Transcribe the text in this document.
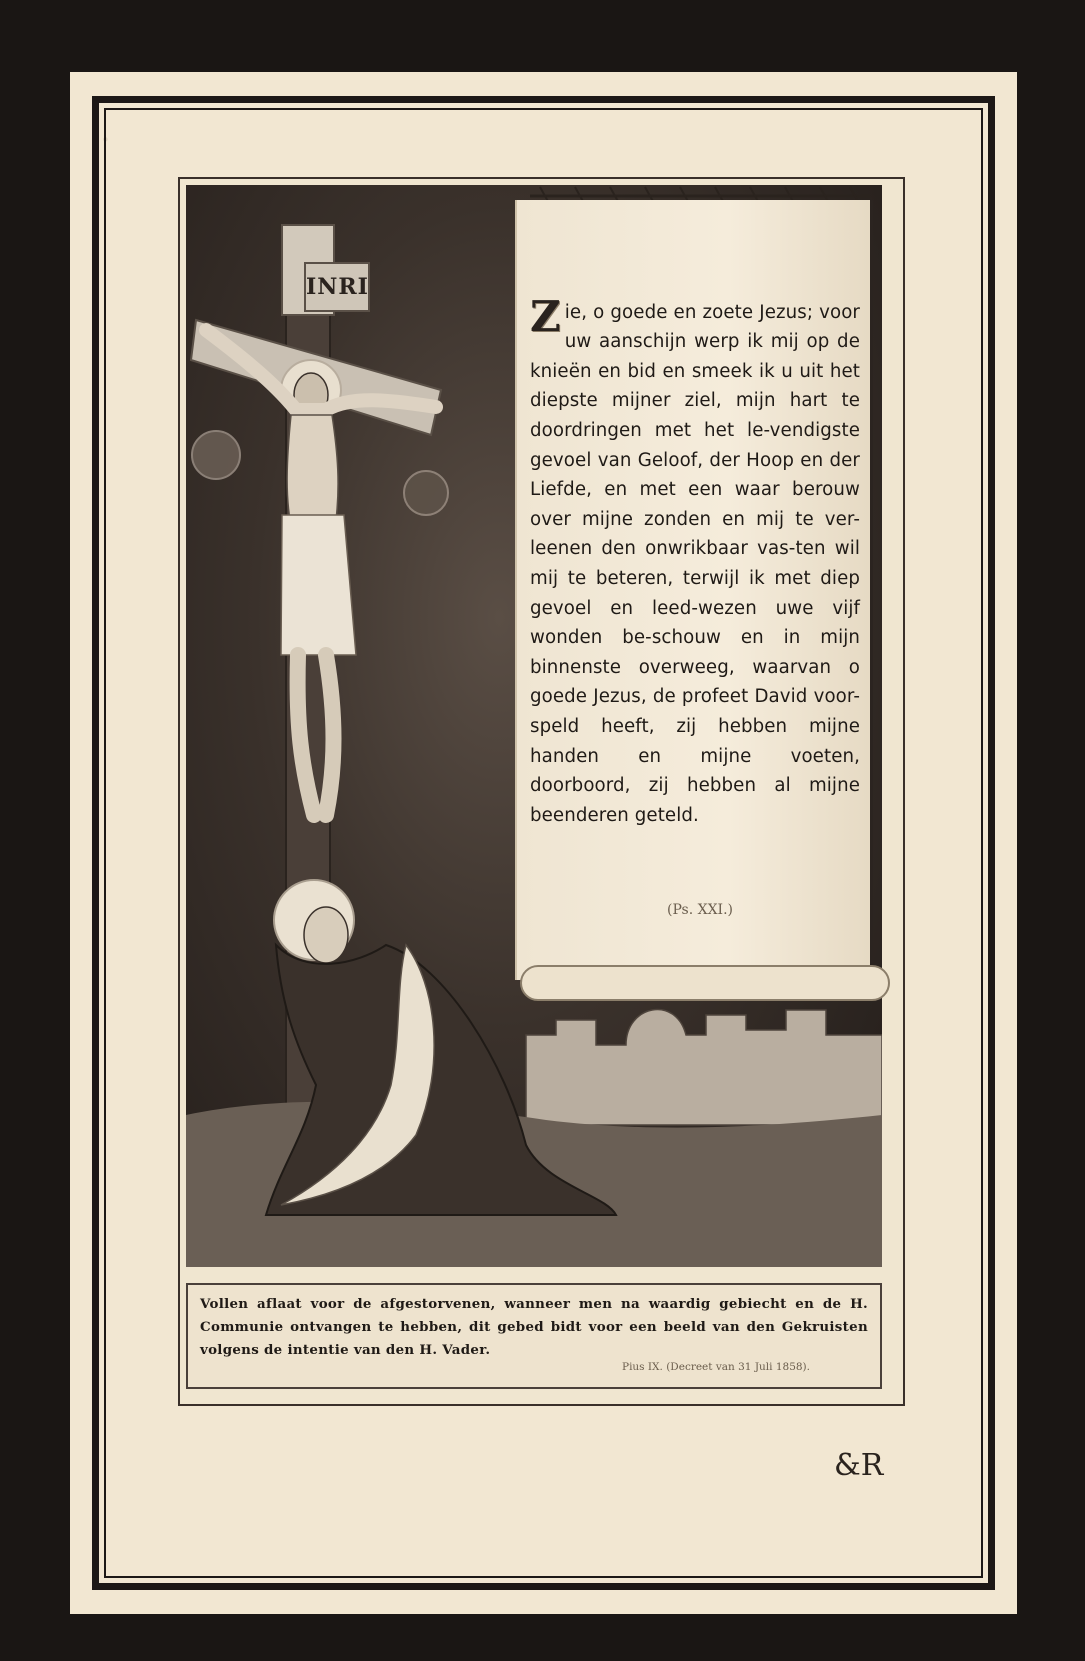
.
INRI

Zie, o goede en zoete Jezus; voor uw aanschijn werp ik mij op de knieën en bid en smeek ik u uit het diepste mijner ziel, mijn hart te doordringen met het le-vendigste gevoel van Geloof, der Hoop en der Liefde, en met een waar berouw over mijne zonden en mij te ver-leenen den onwrikbaar vas-ten wil mij te beteren, terwijl ik met diep gevoel en leed-wezen uwe vijf wonden be-schouw en in mijn binnenste overweeg, waarvan o goede Jezus, de profeet David voor-speld heeft, zij hebben mijne handen en mijne voeten, doorboord, zij hebben al mijne beenderen geteld.

(Ps. XXI.)
Vollen aflaat voor de afgestorvenen, wanneer men na waardig gebiecht en de H. Communie ontvangen te hebben, dit gebed bidt voor een beeld van den Gekruisten volgens de intentie van den H. Vader.
Pius IX. (Decreet van 31 Juli 1858).
&R
